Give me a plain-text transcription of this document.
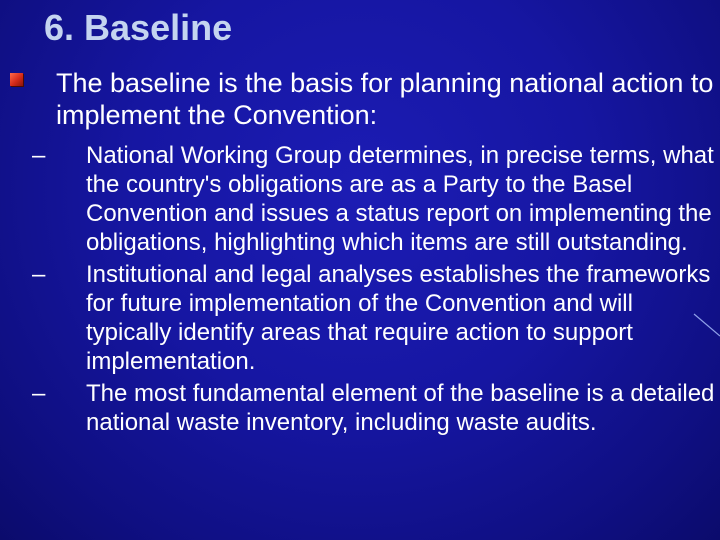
6. Baseline

The baseline is the basis for planning national action to implement the Convention:

–	National Working Group determines, in precise terms, what the country's obligations are as a Party to the Basel Convention and issues a status report on implementing the obligations, highlighting which items are still outstanding.
–	Institutional and legal analyses establishes the frameworks for future implementation of the Convention and will typically identify areas that require action to support implementation.
–	The most fundamental element of the baseline is a detailed national waste inventory, including waste audits.
